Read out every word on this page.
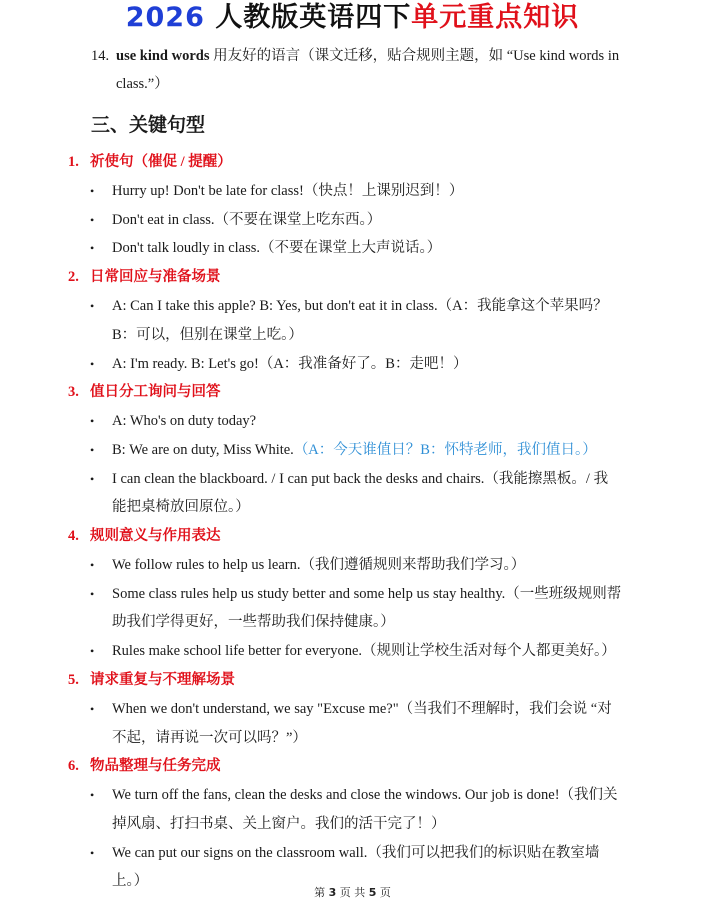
2026 人教版英语四下单元重点知识
14. use kind words 用友好的语言（课文迁移，贴合规则主题，如 “Use kind words in
class.”）
三、关键句型
1. 祈使句（催促 / 提醒）
• Hurry up! Don't be late for class!（快点！上课别迟到！）
• Don't eat in class.（不要在课堂上吃东西。）
• Don't talk loudly in class.（不要在课堂上大声说话。）
2. 日常回应与准备场景
• A: Can I take this apple? B: Yes, but don't eat it in class.（A：我能拿这个苹果吗？B：可以，但别在课堂上吃。）
• A: I'm ready. B: Let's go!（A：我准备好了。B：走吧！）
3. 值日分工询问与回答
• A: Who's on duty today?
• B: We are on duty, Miss White.（A：今天谁值日？B：怀特老师，我们值日。）
• I can clean the blackboard. / I can put back the desks and chairs.（我能擦黑板。/ 我能把桌椅放回原位。）
4. 规则意义与作用表达
• We follow rules to help us learn.（我们遵循规则来帮助我们学习。）
• Some class rules help us study better and some help us stay healthy.（一些班级规则帮助我们学得更好，一些帮助我们保持健康。）
• Rules make school life better for everyone.（规则让学校生活对每个人都更美好。）
5. 请求重复与不理解场景
• When we don't understand, we say "Excuse me?"（当我们不理解时，我们会说 “对不起，请再说一次可以吗？”）
6. 物品整理与任务完成
• We turn off the fans, clean the desks and close the windows. Our job is done!（我们关掉风扇、打扫书桌、关上窗户。我们的活干完了！）
• We can put our signs on the classroom wall.（我们可以把我们的标识贴在教室墙上。）
第 3 页 共 5 页
